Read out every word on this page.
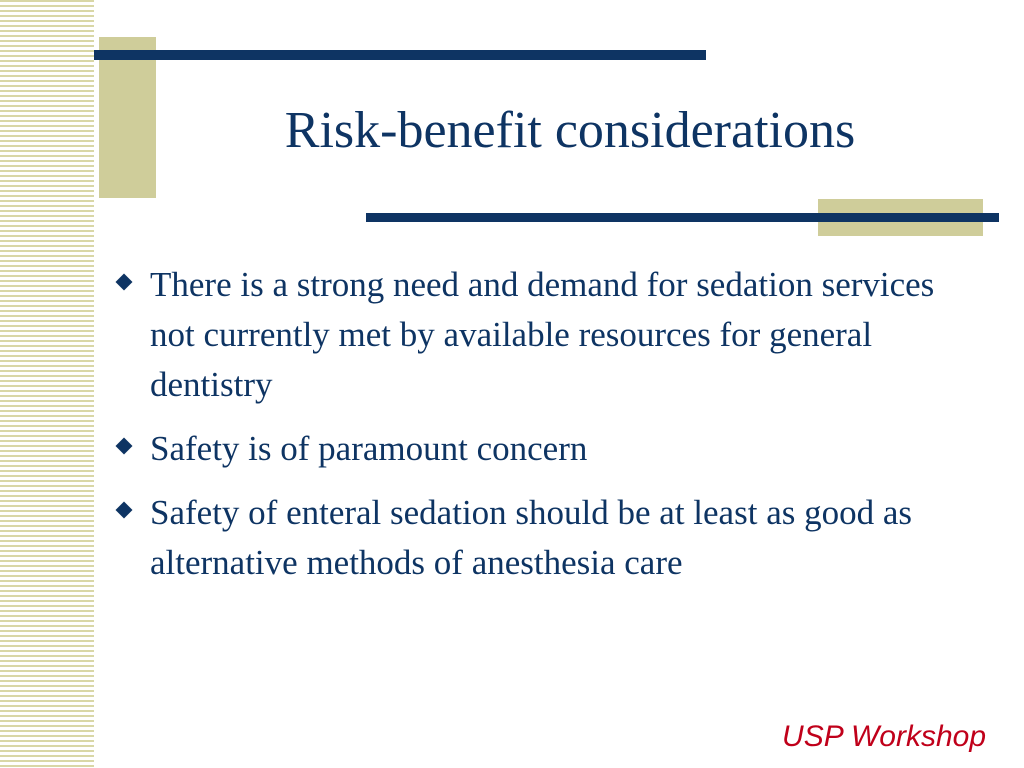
Risk-benefit considerations
There is a strong need and demand for sedation services not currently met by available resources for general dentistry
Safety is of paramount concern
Safety of enteral sedation should be at least as good as alternative methods of anesthesia care

USP Workshop
